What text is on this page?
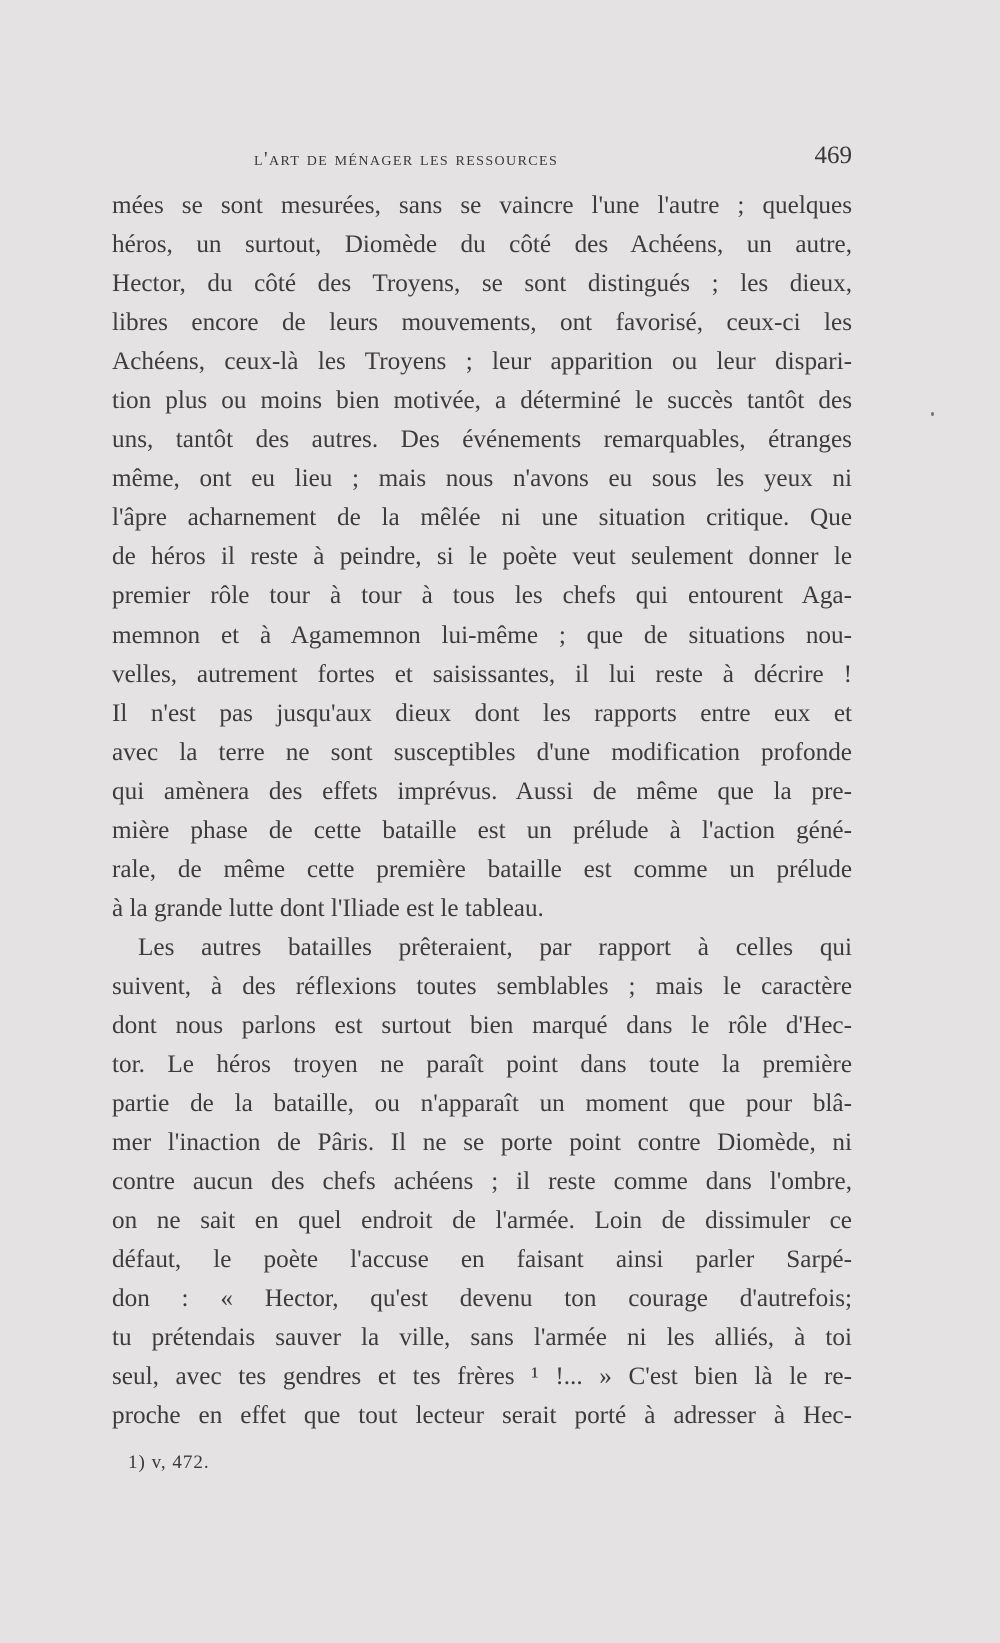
l'art de ménager les ressources	469
mées se sont mesurées, sans se vaincre l'une l'autre ; quelques
héros, un surtout, Diomède du côté des Achéens, un autre,
Hector, du côté des Troyens, se sont distingués ; les dieux,
libres encore de leurs mouvements, ont favorisé, ceux-ci les
Achéens, ceux-là les Troyens ; leur apparition ou leur dispari-
tion plus ou moins bien motivée, a déterminé le succès tantôt des
uns, tantôt des autres. Des événements remarquables, étranges
même, ont eu lieu ; mais nous n'avons eu sous les yeux ni
l'âpre acharnement de la mêlée ni une situation critique. Que
de héros il reste à peindre, si le poète veut seulement donner le
premier rôle tour à tour à tous les chefs qui entourent Aga-
memnon et à Agamemnon lui-même ; que de situations nou-
velles, autrement fortes et saisissantes, il lui reste à décrire !
Il n'est pas jusqu'aux dieux dont les rapports entre eux et
avec la terre ne sont susceptibles d'une modification profonde
qui amènera des effets imprévus. Aussi de même que la pre-
mière phase de cette bataille est un prélude à l'action géné-
rale, de même cette première bataille est comme un prélude
à la grande lutte dont l'Iliade est le tableau.
Les autres batailles prêteraient, par rapport à celles qui
suivent, à des réflexions toutes semblables ; mais le caractère
dont nous parlons est surtout bien marqué dans le rôle d'Hec-
tor. Le héros troyen ne paraît point dans toute la première
partie de la bataille, ou n'apparaît un moment que pour blâ-
mer l'inaction de Pâris. Il ne se porte point contre Diomède, ni
contre aucun des chefs achéens ; il reste comme dans l'ombre,
on ne sait en quel endroit de l'armée. Loin de dissimuler ce
défaut, le poète l'accuse en faisant ainsi parler Sarpé-
don : « Hector, qu'est devenu ton courage d'autrefois;
tu prétendais sauver la ville, sans l'armée ni les alliés, à toi
seul, avec tes gendres et tes frères ¹ !... » C'est bien là le re-
proche en effet que tout lecteur serait porté à adresser à Hec-
1) v, 472.
